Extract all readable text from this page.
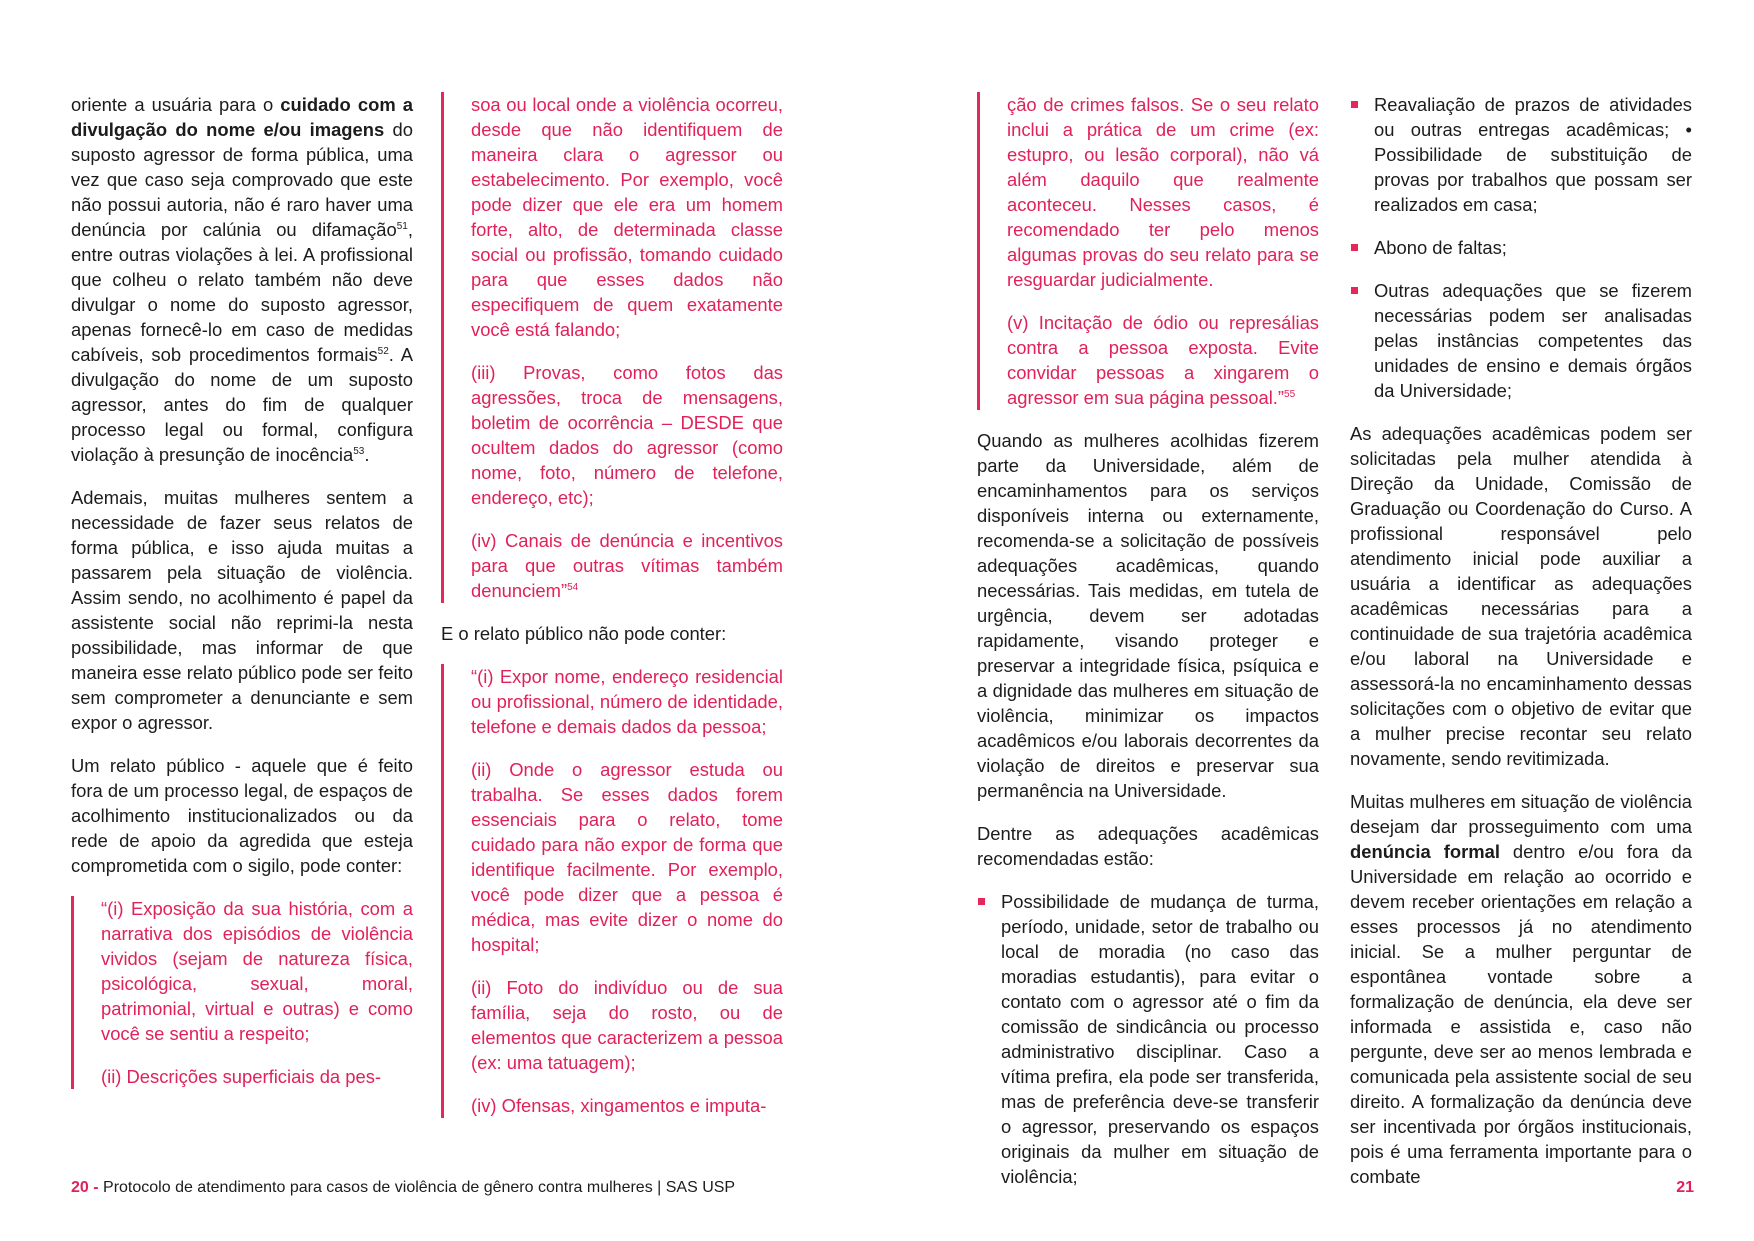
oriente a usuária para o cuidado com a divulgação do nome e/ou imagens do suposto agressor de forma pública, uma vez que caso seja comprovado que este não possui autoria, não é raro haver uma denúncia por calúnia ou difamação$^{51}$, entre outras violações à lei. A profissional que colheu o relato também não deve divulgar o nome do suposto agressor, apenas fornecê-lo em caso de medidas cabíveis, sob procedimentos formais$^{52}$. A divulgação do nome de um suposto agressor, antes do fim de qualquer processo legal ou formal, configura violação à presunção de inocência$^{53}$.

Ademais, muitas mulheres sentem a necessidade de fazer seus relatos de forma pública, e isso ajuda muitas a passarem pela situação de violência. Assim sendo, no acolhimento é papel da assistente social não reprimi-la nesta possibilidade, mas informar de que maneira esse relato público pode ser feito sem comprometer a denunciante e sem expor o agressor.

Um relato público - aquele que é feito fora de um processo legal, de espaços de acolhimento institucionalizados ou da rede de apoio da agredida que esteja comprometida com o sigilo, pode conter:

“(i) Exposição da sua história, com a narrativa dos episódios de violência vividos (sejam de natureza física, psicológica, sexual, moral, patrimonial, virtual e outras) e como você se sentiu a respeito;

(ii) Descrições superficiais da pes-

soa ou local onde a violência ocorreu, desde que não identifiquem de maneira clara o agressor ou estabelecimento. Por exemplo, você pode dizer que ele era um homem forte, alto, de determinada classe social ou profissão, tomando cuidado para que esses dados não especifiquem de quem exatamente você está falando;

(iii) Provas, como fotos das agressões, troca de mensagens, boletim de ocorrência – DESDE que ocultem dados do agressor (como nome, foto, número de telefone, endereço, etc);

(iv) Canais de denúncia e incentivos para que outras vítimas também denunciem”$^{54}$

E o relato público não pode conter:

“(i) Expor nome, endereço residencial ou profissional, número de identidade, telefone e demais dados da pessoa;

(ii) Onde o agressor estuda ou trabalha. Se esses dados forem essenciais para o relato, tome cuidado para não expor de forma que identifique facilmente. Por exemplo, você pode dizer que a pessoa é médica, mas evite dizer o nome do hospital;

(ii) Foto do indivíduo ou de sua família, seja do rosto, ou de elementos que caracterizem a pessoa (ex: uma tatuagem);

(iv) Ofensas, xingamentos e imputa-

ção de crimes falsos. Se o seu relato inclui a prática de um crime (ex: estupro, ou lesão corporal), não vá além daquilo que realmente aconteceu. Nesses casos, é recomendado ter pelo menos algumas provas do seu relato para se resguardar judicialmente.

(v) Incitação de ódio ou represálias contra a pessoa exposta. Evite convidar pessoas a xingarem o agressor em sua página pessoal.”$^{55}$

Quando as mulheres acolhidas fizerem parte da Universidade, além de encaminhamentos para os serviços disponíveis interna ou externamente, recomenda-se a solicitação de possíveis adequações acadêmicas, quando necessárias. Tais medidas, em tutela de urgência, devem ser adotadas rapidamente, visando proteger e preservar a integridade física, psíquica e a dignidade das mulheres em situação de violência, minimizar os impactos acadêmicos e/ou laborais decorrentes da violação de direitos e preservar sua permanência na Universidade.

Dentre as adequações acadêmicas recomendadas estão:

Possibilidade de mudança de turma, período, unidade, setor de trabalho ou local de moradia (no caso das moradias estudantis), para evitar o contato com o agressor até o fim da comissão de sindicância ou processo administrativo disciplinar. Caso a vítima prefira, ela pode ser transferida, mas de preferência deve-se transferir o agressor, preservando os espaços originais da mulher em situação de violência;
Reavaliação de prazos de atividades ou outras entregas acadêmicas; • Possibilidade de substituição de provas por trabalhos que possam ser realizados em casa;
Abono de faltas;
Outras adequações que se fizerem necessárias podem ser analisadas pelas instâncias competentes das unidades de ensino e demais órgãos da Universidade;

As adequações acadêmicas podem ser solicitadas pela mulher atendida à Direção da Unidade, Comissão de Graduação ou Coordenação do Curso. A profissional responsável pelo atendimento inicial pode auxiliar a usuária a identificar as adequações acadêmicas necessárias para a continuidade de sua trajetória acadêmica e/ou laboral na Universidade e assessorá-la no encaminhamento dessas solicitações com o objetivo de evitar que a mulher precise recontar seu relato novamente, sendo revitimizada.

Muitas mulheres em situação de violência desejam dar prosseguimento com uma denúncia formal dentro e/ou fora da Universidade em relação ao ocorrido e devem receber orientações em relação a esses processos já no atendimento inicial. Se a mulher perguntar de espontânea vontade sobre a formalização de denúncia, ela deve ser informada e assistida e, caso não pergunte, deve ser ao menos lembrada e comunicada pela assistente social de seu direito. A formalização da denúncia deve ser incentivada por órgãos institucionais, pois é uma ferramenta importante para o combate

20 - Protocolo de atendimento para casos de violência de gênero contra mulheres | SAS USP	21
